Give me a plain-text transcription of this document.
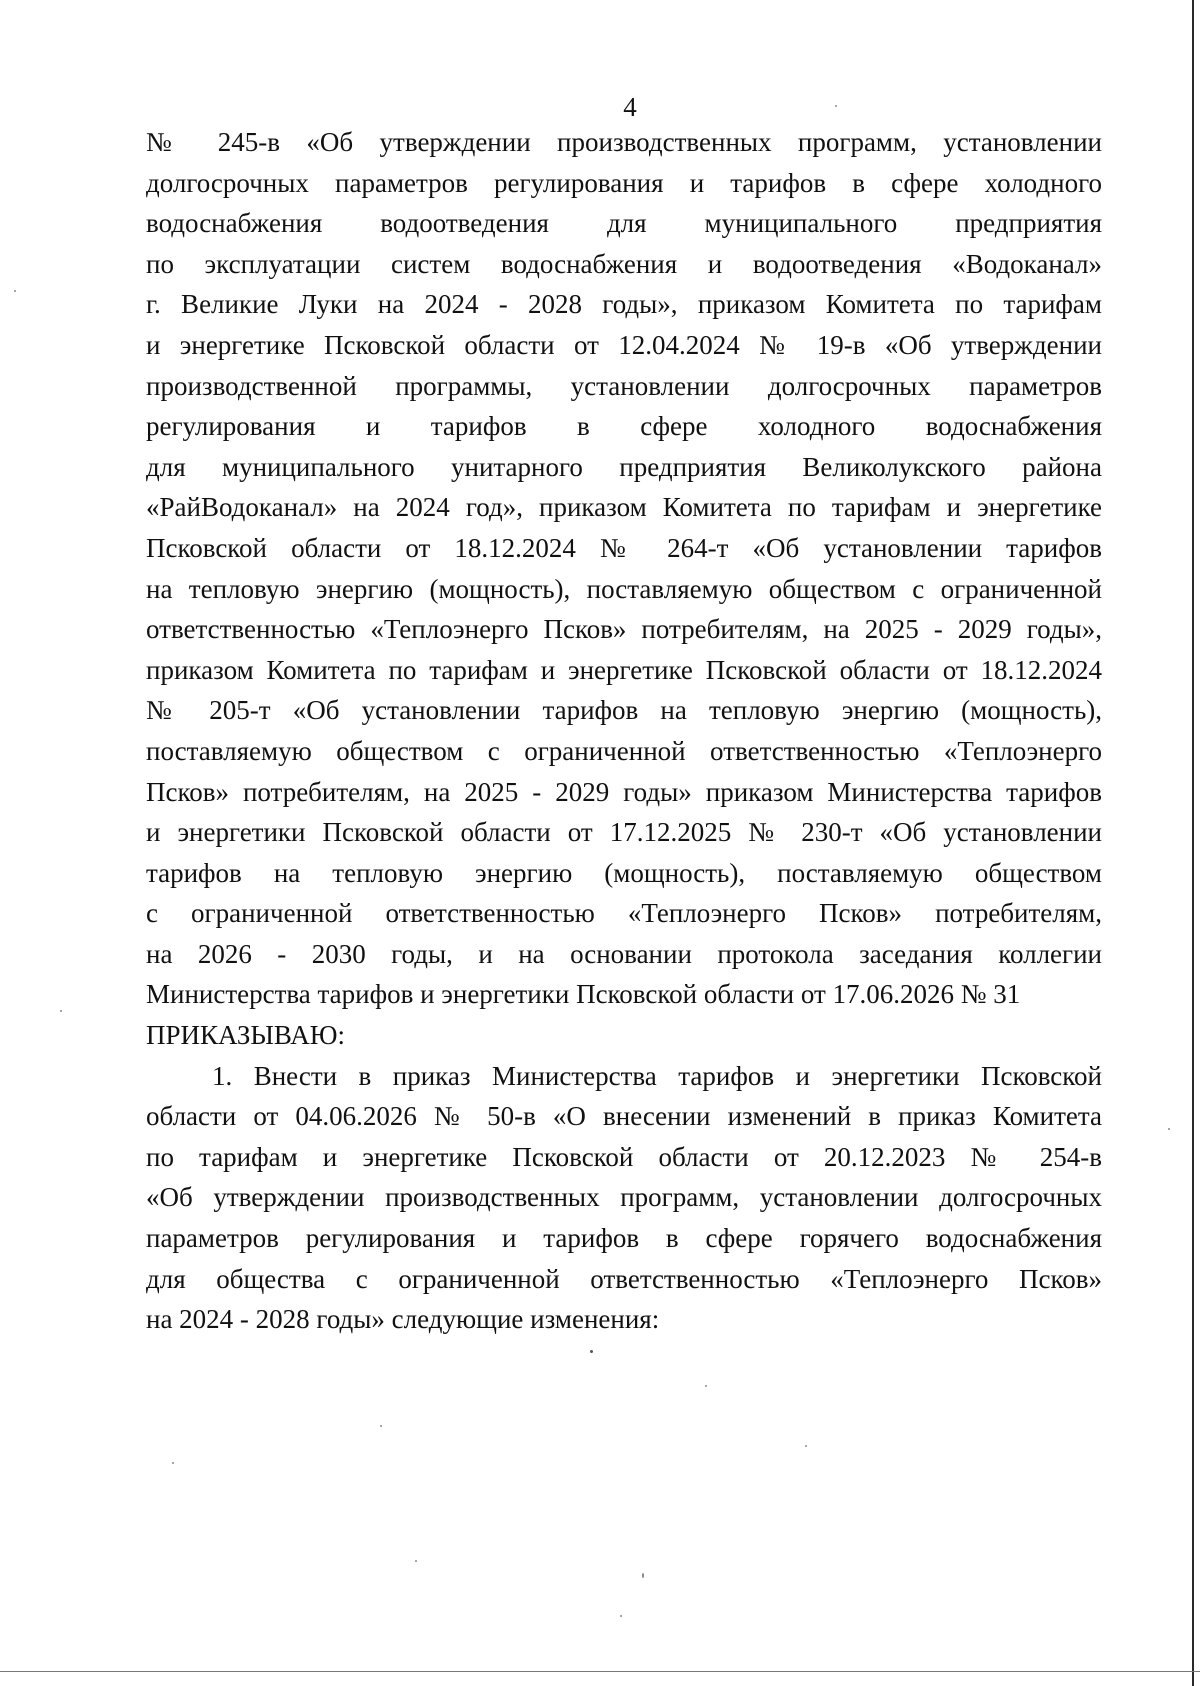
4
№ 245-в «Об утверждении производственных программ, установлении
долгосрочных параметров регулирования и тарифов в сфере холодного
водоснабжения водоотведения для муниципального предприятия
по эксплуатации систем водоснабжения и водоотведения «Водоканал»
г. Великие Луки на 2024 - 2028 годы», приказом Комитета по тарифам
и энергетике Псковской области от 12.04.2024 № 19-в «Об утверждении
производственной программы, установлении долгосрочных параметров
регулирования и тарифов в сфере холодного водоснабжения
для муниципального унитарного предприятия Великолукского района
«РайВодоканал» на 2024 год», приказом Комитета по тарифам и энергетике
Псковской области от 18.12.2024 № 264-т «Об установлении тарифов
на тепловую энергию (мощность), поставляемую обществом с ограниченной
ответственностью «Теплоэнерго Псков» потребителям, на 2025 - 2029 годы»,
приказом Комитета по тарифам и энергетике Псковской области от 18.12.2024
№ 205-т «Об установлении тарифов на тепловую энергию (мощность),
поставляемую обществом с ограниченной ответственностью «Теплоэнерго
Псков» потребителям, на 2025 - 2029 годы» приказом Министерства тарифов
и энергетики Псковской области от 17.12.2025 № 230-т «Об установлении
тарифов на тепловую энергию (мощность), поставляемую обществом
с ограниченной ответственностью «Теплоэнерго Псков» потребителям,
на 2026 - 2030 годы, и на основании протокола заседания коллегии
Министерства тарифов и энергетики Псковской области от 17.06.2026 № 31
ПРИКАЗЫВАЮ:
1. Внести в приказ Министерства тарифов и энергетики Псковской
области от 04.06.2026 № 50-в «О внесении изменений в приказ Комитета
по тарифам и энергетике Псковской области от 20.12.2023 № 254-в
«Об утверждении производственных программ, установлении долгосрочных
параметров регулирования и тарифов в сфере горячего водоснабжения
для общества с ограниченной ответственностью «Теплоэнерго Псков»
на 2024 - 2028 годы» следующие изменения:
